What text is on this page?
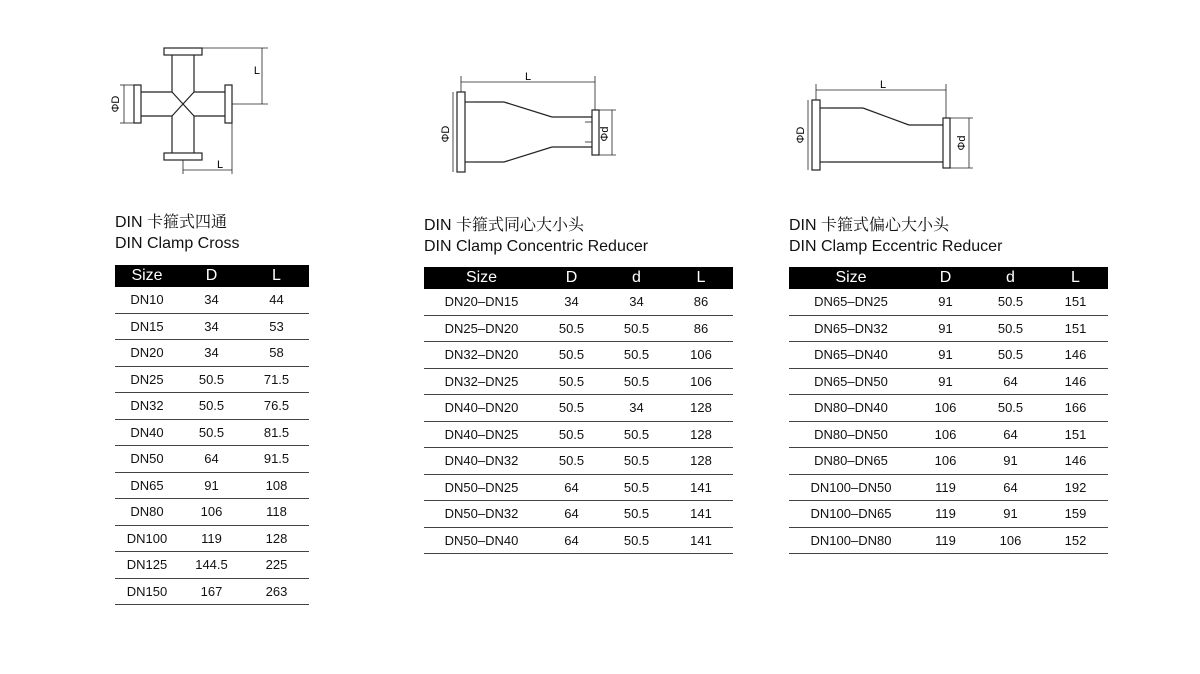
ΦD
L
L
ΦD	Φd
L
ΦD	Φd
L
DIN 卡箍式四通
DIN Clamp Cross
DIN 卡箍式同心大小头
DIN Clamp Concentric Reducer
DIN 卡箍式偏心大小头
DIN Clamp Eccentric Reducer
Size	D	L
DN10	34	44
DN15	34	53
DN20	34	58
DN25	50.5	71.5
DN32	50.5	76.5
DN40	50.5	81.5
DN50	64	91.5
DN65	91	108
DN80	106	118
DN100	119	128
DN125	144.5	225
DN150	167	263
Size	D	d	L
DN20–DN15	34	34	86
DN25–DN20	50.5	50.5	86
DN32–DN20	50.5	50.5	106
DN32–DN25	50.5	50.5	106
DN40–DN20	50.5	34	128
DN40–DN25	50.5	50.5	128
DN40–DN32	50.5	50.5	128
DN50–DN25	64	50.5	141
DN50–DN32	64	50.5	141
DN50–DN40	64	50.5	141
Size	D	d	L
DN65–DN25	91	50.5	151
DN65–DN32	91	50.5	151
DN65–DN40	91	50.5	146
DN65–DN50	91	64	146
DN80–DN40	106	50.5	166
DN80–DN50	106	64	151
DN80–DN65	106	91	146
DN100–DN50	119	64	192
DN100–DN65	119	91	159
DN100–DN80	119	106	152
